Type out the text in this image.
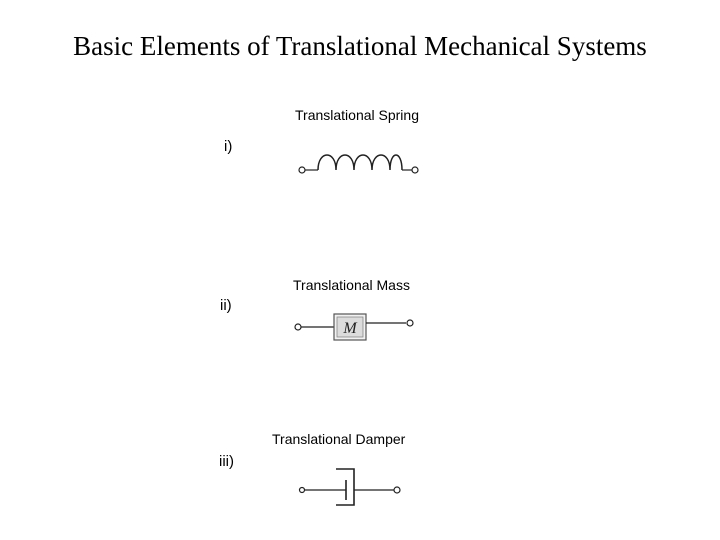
Basic Elements of Translational Mechanical Systems
i)
Translational Spring
ii)
Translational Mass
M
iii)
Translational Damper
